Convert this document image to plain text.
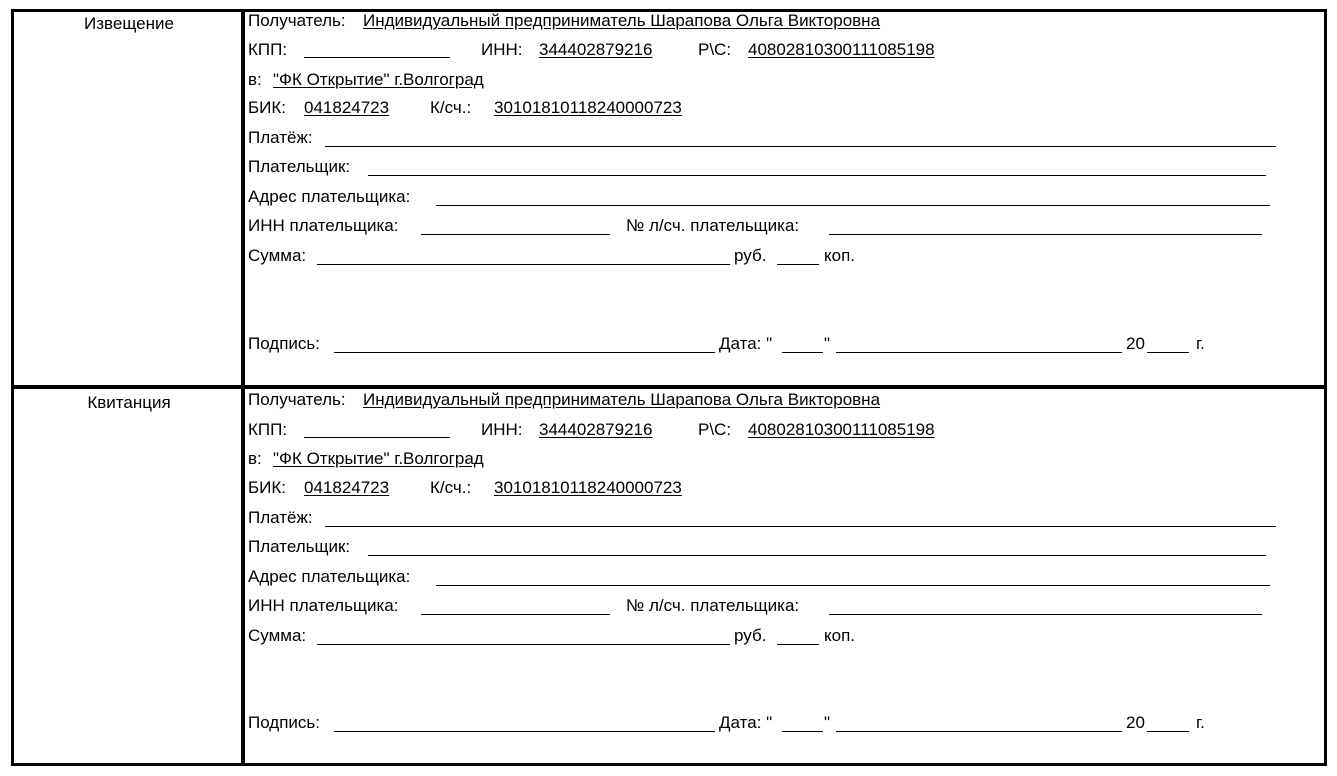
Извещение	Получатель: Индивидуальный предприниматель Шарапова Ольга Викторовна
КПП:	ИНН: 344402879216	Р\С: 40802810300111085198
в: "ФК Открытие" г.Волгоград
БИК: 041824723 К/сч.: 30101810118240000723
Платёж:
Плательщик:
Адрес плательщика:
ИНН плательщика:	№ л/сч. плательщика:
Сумма:	руб.	коп.
Подпись:	Дата: "	"	20	г.
Квитанция	Получатель: Индивидуальный предприниматель Шарапова Ольга Викторовна
КПП:	ИНН: 344402879216	Р\С: 40802810300111085198
в: "ФК Открытие" г.Волгоград
БИК: 041824723 К/сч.: 30101810118240000723
Платёж:
Плательщик:
Адрес плательщика:
ИНН плательщика:	№ л/сч. плательщика:
Сумма:	руб.	коп.
Подпись:	Дата: "	"	20	г.
